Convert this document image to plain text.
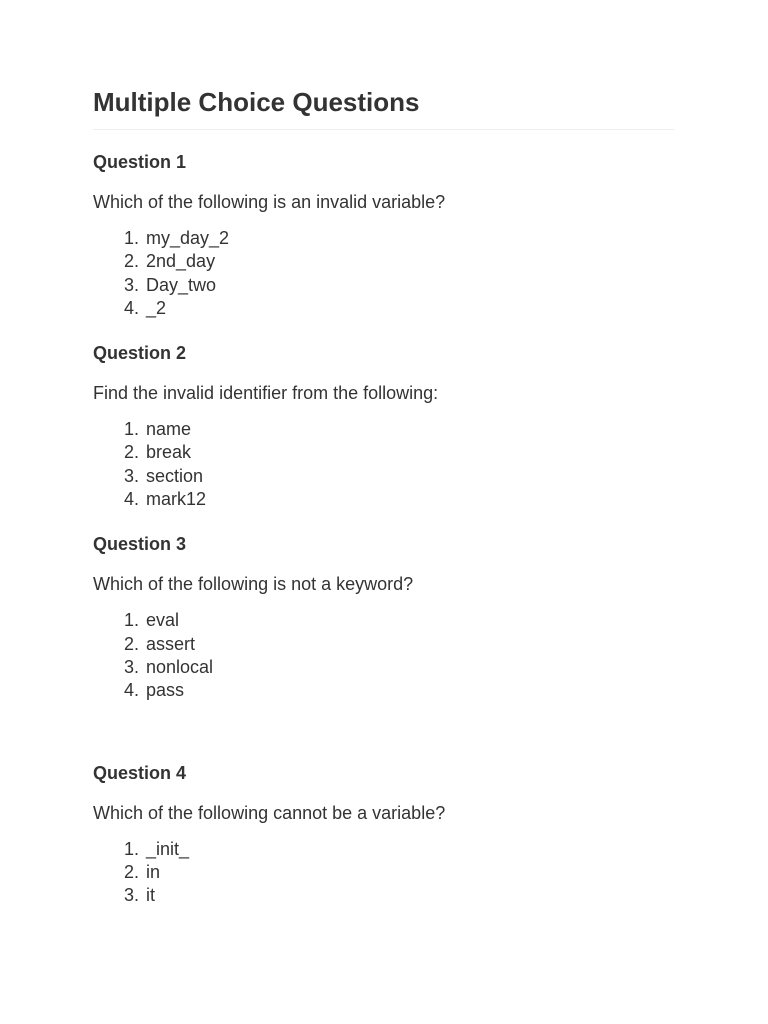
Multiple Choice Questions
Question 1

Which of the following is an invalid variable?

1. my_day_2
2. 2nd_day
3. Day_two
4. _2
Question 2

Find the invalid identifier from the following:

1. name
2. break
3. section
4. mark12
Question 3

Which of the following is not a keyword?

1. eval
2. assert
3. nonlocal
4. pass
Question 4

Which of the following cannot be a variable?

1. _init_
2. in
3. it
